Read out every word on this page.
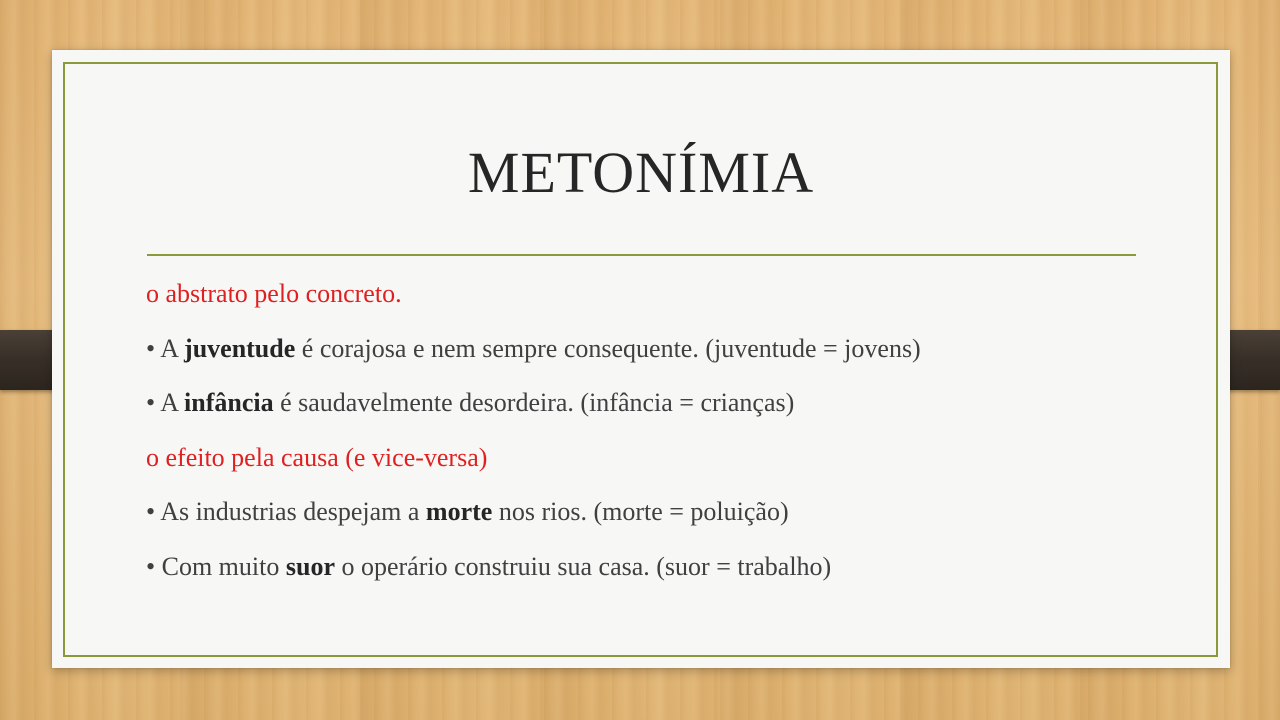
METONÍMIA
o abstrato pelo concreto.
• A juventude é corajosa e nem sempre consequente. (juventude = jovens)
• A infância é saudavelmente desordeira. (infância = crianças)
o efeito pela causa (e vice-versa)
• As industrias despejam a morte nos rios. (morte = poluição)
• Com muito suor o operário construiu sua casa. (suor = trabalho)
